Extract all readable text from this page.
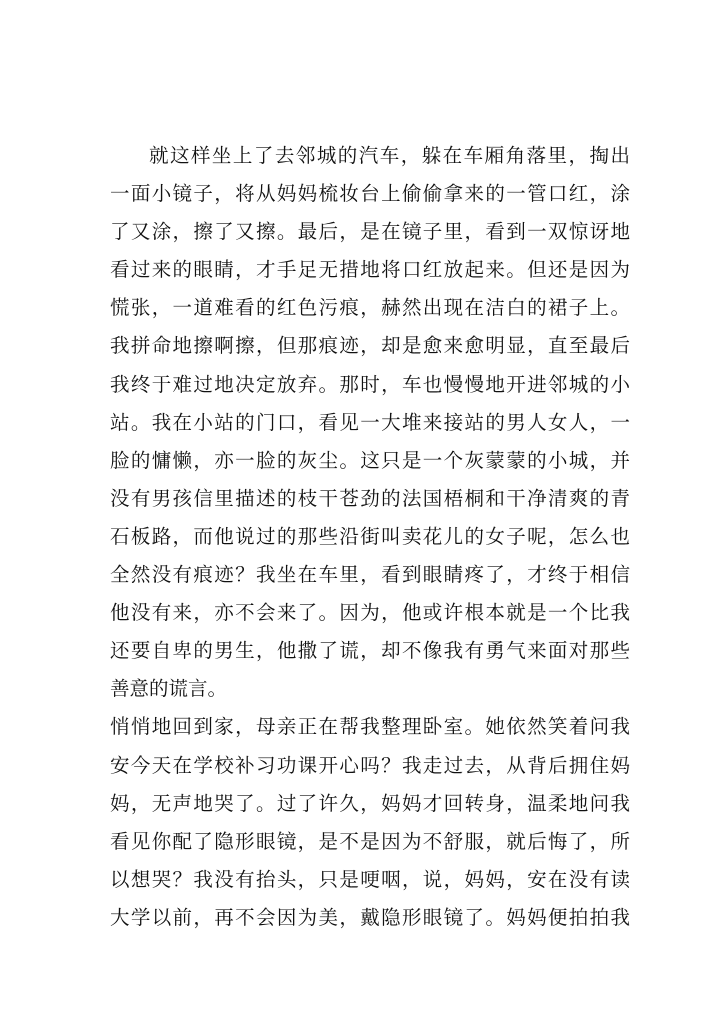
就这样坐上了去邻城的汽车，躲在车厢角落里，掏出
一面小镜子，将从妈妈梳妆台上偷偷拿来的一管口红，涂
了又涂，擦了又擦。最后，是在镜子里，看到一双惊讶地
看过来的眼睛，才手足无措地将口红放起来。但还是因为
慌张，一道难看的红色污痕，赫然出现在洁白的裙子上。
我拼命地擦啊擦，但那痕迹，却是愈来愈明显，直至最后
我终于难过地决定放弃。那时，车也慢慢地开进邻城的小
站。我在小站的门口，看见一大堆来接站的男人女人，一
脸的慵懒，亦一脸的灰尘。这只是一个灰蒙蒙的小城，并
没有男孩信里描述的枝干苍劲的法国梧桐和干净清爽的青
石板路，而他说过的那些沿街叫卖花儿的女子呢，怎么也
全然没有痕迹？我坐在车里，看到眼睛疼了，才终于相信
他没有来，亦不会来了。因为，他或许根本就是一个比我
还要自卑的男生，他撒了谎，却不像我有勇气来面对那些
善意的谎言。
悄悄地回到家，母亲正在帮我整理卧室。她依然笑着问我
安今天在学校补习功课开心吗？我走过去，从背后拥住妈
妈，无声地哭了。过了许久，妈妈才回转身，温柔地问我
看见你配了隐形眼镜，是不是因为不舒服，就后悔了，所
以想哭？我没有抬头，只是哽咽，说，妈妈，安在没有读
大学以前，再不会因为美，戴隐形眼镜了。妈妈便拍拍我
